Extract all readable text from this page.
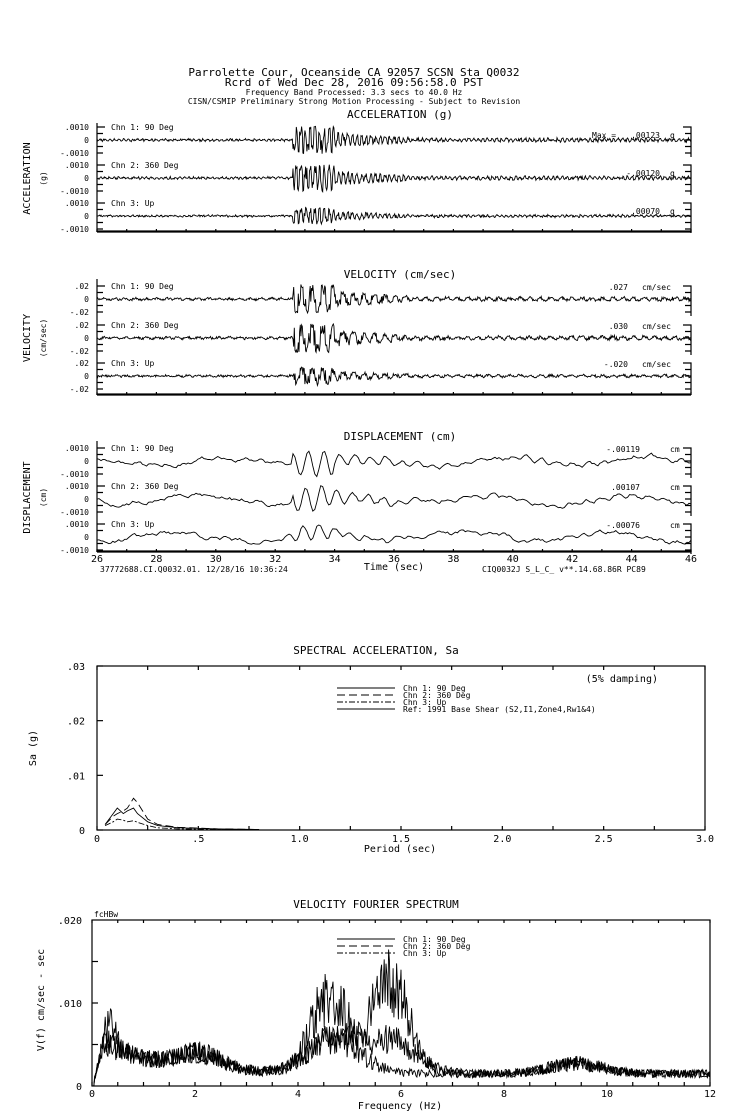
Parrolette Cour, Oceanside CA 92057 SCSN Sta Q0032
Rcrd of Wed Dec 28, 2016 09:56:58.0 PST
Frequency Band Processed: 3.3 secs to 40.0 Hz
CISN/CSMIP Preliminary Strong Motion Processing - Subject to Revision
ACCELERATION (g)
ACCELERATION (g)
.0010
0
-.0010
Chn 1: 90 Deg
Max = .00123 g
.0010
0
-.0010
Chn 2: 360 Deg
-.00120 g
.0010
0
-.0010
Chn 3: Up
.00070 g
VELOCITY (cm/sec)
VELOCITY (cm/sec)
.02
0
-.02
Chn 1: 90 Deg	.027 cm/sec
.02
0
-.02
Chn 2: 360 Deg	.030 cm/sec
.02
0
-.02
Chn 3: Up	-.020 cm/sec
DISPLACEMENT (cm)
DISPLACEMENT (cm)
.0010
0
-.0010
Chn 1: 90 Deg	-.00119	cm
.0010
0
-.0010
Chn 2: 360 Deg	.00107	cm
.0010
0
-.0010
Chn 3: Up	-.00076	cm
26	28	30	32	34	36	38	40	42	44	46
Time (sec)
SPECTRAL ACCELERATION, Sa
0	.5	1.0	1.5	2.0	2.5	3.0
.03
.02
.01
0
Period (sec)
Sa (g)
(5% damping)
Chn 1: 90 Deg
Chn 2: 360 Deg
Chn 3: Up
Ref: 1991 Base Shear (S2,I1,Zone4,Rw1&4)
VELOCITY FOURIER SPECTRUM
fcHBw
0	2	4	6	8	10	12
.020
.010
0
Frequency (Hz)
V(f) cm/sec - sec
Chn 1: 90 Deg
Chn 2: 360 Deg
Chn 3: Up
37772688.CI.Q0032.01. 12/28/16 10:36:24	CIQ0032J S_L_C_ v**.14.68.86R PC89
